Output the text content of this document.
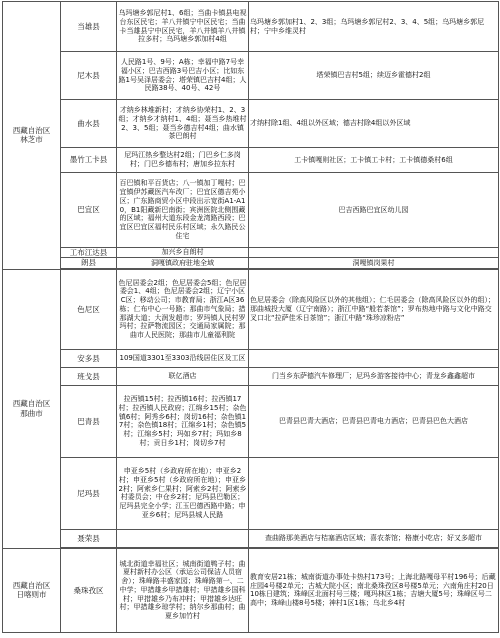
西藏自治区
林芝市	当雄县	乌玛塘乡郭尼村1、6组；当曲卡镇县电视台东区民宅；羊八井镇宁中区民宅；当曲卡当雄县宁中区民宅，羊八井镇羊八井镇拉多村；乌玛塘乡郭加村4组	乌玛塘乡郭加村1、2、3组；乌玛塘乡郭尼村2、3、4、5组；乌玛塘乡郭尼村；宁中乡维灵村
	尼木县	人民路1号、9号；A栋；幸福中路7号幸福小区；巴吉西路3号巴吉小区；比如东路1号吴泽居委会；塔荣镇巴吉村4组；人民路38号、40号、42号	塔荣镇巴吉村5组；续迈乡霍德村2组
	曲水县	才纳乡林堆新村；才纳乡协荣村1、2、3组；才纳乡才纳村1、4组；聂当乡热堆村2、3、5组；聂当乡德吉村4组；曲水镇茶巴朗村	才纳村除1组、4组以外区域；德吉村除4组以外区域
	墨竹工卡县	尼玛江热乡整达村2组；门巴乡仁多岗村；门巴乡德布村；唐加乡拉东村	工卡镇嘎则社区；工卡镇工卡村；工卡镇德桑村6组
	巴宜区	百巴镇和平百货店；八一镇加丁嘎村；巴宜镇伊苏藏医汽车改厂；巴宜区德吉苑小区；广东路商贸小区中段出示宽街A1-A10，B1阳藏新巴南街；宾洲医院北侧围藏的区域；福州大道东段金龙湾路西段；巴宜区巴宜区福村民乐村区域；永久路民公住宅	巴吉西路巴宜区幼儿园
	工布江达县	加兴乡自朗村	
	朗县	洞嘎镇政府驻地全域	洞嘎镇岗果村

西藏自治区
那曲市	色尼区	色尼居委会2组；色尼居委会5组；色尼居委会1、4组；色尼居委会2组；辽宁小区C区；移动公司；市教育局；浙江A区36栋；仁布中心一号路；那曲市气象局；措那湖大道；大润发超市；罗玛镇人民村罗玛村；拉萨物流园区；交通局家属院；那曲市人民医院；那曲市儿童福利院	色尼居委会（除高风险区以外的其他组）；仁毛居委会（除高风险区以外的组）；那曲城投大厦（辽宁南路）；浙江中路“般若茶馆”；罗布热地中路与文化中路交叉口北“拉萨佳禾日茶馆”；浙江中路“珠珍凉粉店”
	安多县	109国道3301至3303沿线居住区及工区	
	班戈县	联亿酒店	门当乡东萨德汽车修理厂；尼玛乡游客接待中心；青龙乡鑫鑫超市
	巴青县	拉西镇15村；拉西镇16村；拉西镇17村；拉西镇人民政府；江绵乡15村；杂色镇6村；阿秀乡6村；岗切16村；杂色镇17村；杂色镇18村；江绵乡1村；杂色镇5村；江绵乡5村；玛如乡7村；玛如乡8村；贡日乡1村；岗切乡7村	巴青县巴青大酒店；巴青县巴青电力酒店；巴青县巴色大酒店
	尼玛县	申亚乡5村（乡政府所在地）；申亚乡2村；申亚乡5村（乡政府所在地）；申亚乡2村；阿索乡仁果村；阿索乡2村；阿索乡村委员会；中仓乡2村；尼玛县巴勒区；尼玛县完全小学；江玉巴德西路中路；申亚乡6村；尼玛县城人民路	
	聂荣县		查曲路那美酒店与桔塞酒店区域；喜农茶馆；格康小吃店；好又多超市

西藏自治区
日喀则市	桑珠孜区	城北街道幸福社区；城南街道鸭子村；曲夏村新村办公区（承运公司保洁人员宿舍）；珠峰路丰盛家园；珠峰路第一、二中学；甲措雄乡甲措雄村；甲措雄乡国科村；甲措雄乡乃布冲村；甲措雄乡达旺村；甲措雄乡琼学村；纳尔乡那曲村；曲夏乡加竹村	教育安居21栋；城南街道办事处卡热村173号；上海北路嘎母平村196号；后藏庄园4号楼2单元；古城大院小区；南北桑珠孜区8号楼5单元；六南角庄村20日10栋日建筑；珠峰区北面村号三楼；嘎玛林区1栋；吉塘大厦5号；珠峰区号二高中；珠峰山楼8号5楼；神村1区1栋；乌北乡4村
